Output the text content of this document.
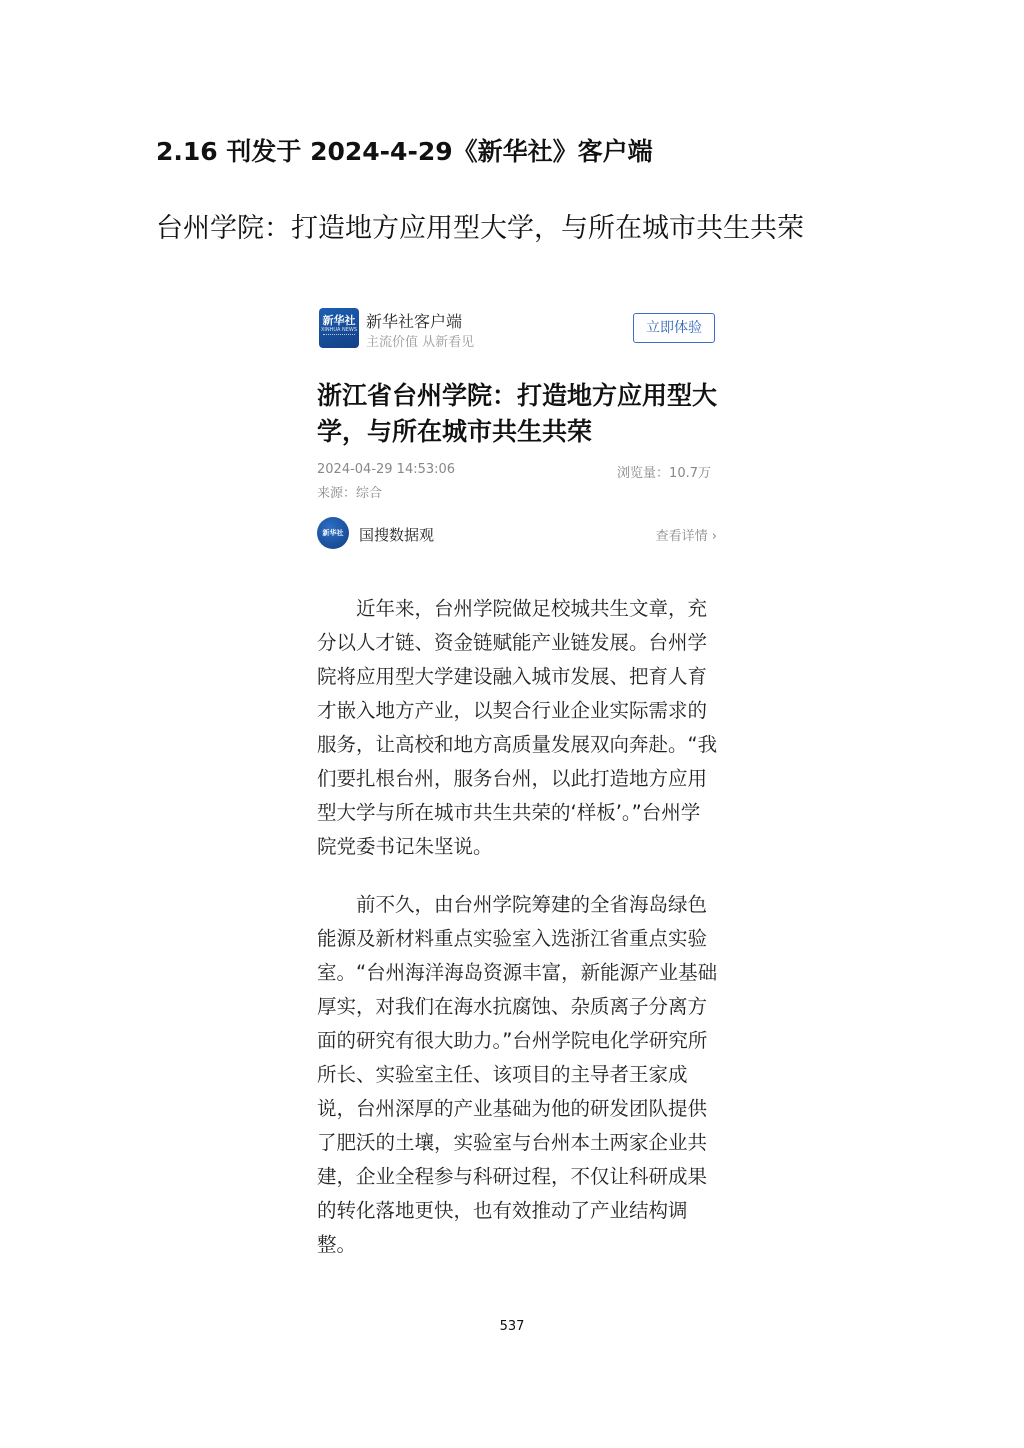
2.16 刊发于 2024-4-29《新华社》客户端
台州学院：打造地方应用型大学，与所在城市共生共荣
新华社
XINHUA NEWS 新华社客户端
主流价值 从新看见
立即体验
浙江省台州学院：打造地方应用型大学，与所在城市共生共荣
2024-04-29 14:53:06	浏览量：10.7万
来源：综合
新华社	国搜数据观	查看详情 ›

近年来，台州学院做足校城共生文章，充分以人才链、资金链赋能产业链发展。台州学院将应用型大学建设融入城市发展、把育人育才嵌入地方产业，以契合行业企业实际需求的服务，让高校和地方高质量发展双向奔赴。“我们要扎根台州，服务台州，以此打造地方应用型大学与所在城市共生共荣的‘样板’。”台州学院党委书记朱坚说。

前不久，由台州学院筹建的全省海岛绿色能源及新材料重点实验室入选浙江省重点实验室。“台州海洋海岛资源丰富，新能源产业基础厚实，对我们在海水抗腐蚀、杂质离子分离方面的研究有很大助力。”台州学院电化学研究所所长、实验室主任、该项目的主导者王家成说，台州深厚的产业基础为他的研发团队提供了肥沃的土壤，实验室与台州本土两家企业共建，企业全程参与科研过程，不仅让科研成果的转化落地更快，也有效推动了产业结构调整。

537
